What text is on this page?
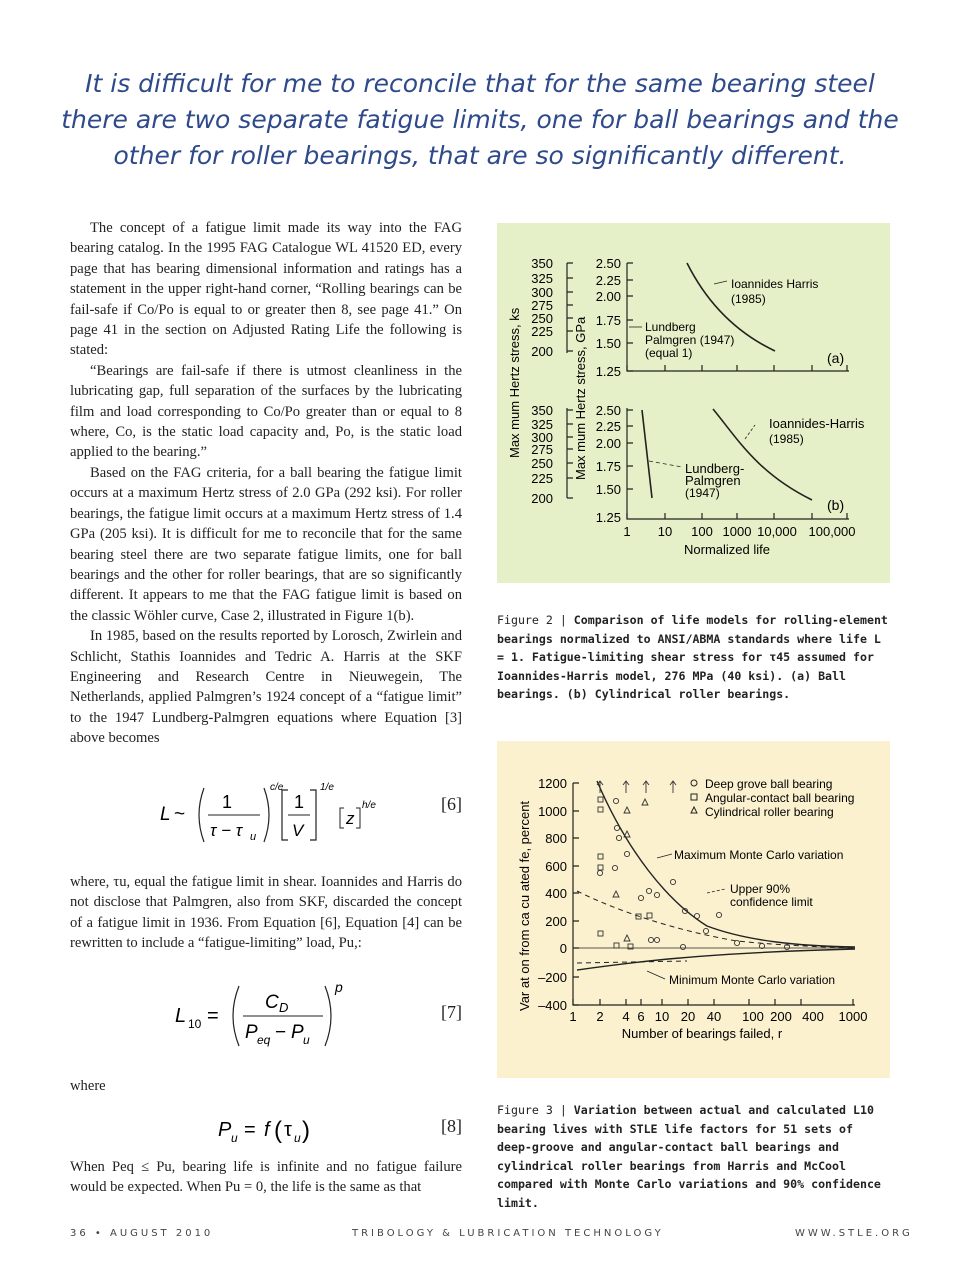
It is difficult for me to reconcile that for the same bearing steel there are two separate fatigue limits, one for ball bearings and the other for roller bearings, that are so significantly different.

The concept of a fatigue limit made its way into the FAG bearing catalog. In the 1995 FAG Catalogue WL 41520 ED, every page that has bearing dimensional information and ratings has a statement in the upper right-hand corner, “Rolling bearings can be fail-safe if Co/Po is equal to or greater then 8, see page 41.” On page 41 in the section on Adjusted Rating Life the following is stated:

“Bearings are fail-safe if there is utmost cleanliness in the lubricating gap, full separation of the surfaces by the lubricating film and load corresponding to Co/Po greater than or equal to 8 where, Co, is the static load capacity and, Po, is the static load applied to the bearing.”

Based on the FAG criteria, for a ball bearing the fatigue limit occurs at a maximum Hertz stress of 2.0 GPa (292 ksi). For roller bearings, the fatigue limit occurs at a maximum Hertz stress of 1.4 GPa (205 ksi). It is difficult for me to reconcile that for the same bearing steel there are two separate fatigue limits, one for ball bearings and the other for roller bearings, that are so significantly different. It appears to me that the FAG fatigue limit is based on the classic Wöhler curve, Case 2, illustrated in Figure 1(b).

In 1985, based on the results reported by Lorosch, Zwirlein and Schlicht, Stathis Ioannides and Tedric A. Harris at the SKF Engineering and Research Centre in Nieuwegein, The Netherlands, applied Palmgren’s 1924 concept of a “fatigue limit” to the 1947 Lundberg-Palmgren equations where Equation [3] above becomes

L ~
1
τ − τ u
c/e
1
V
1/e
z
h/e	[6]

where, τu, equal the fatigue limit in shear. Ioannides and Harris do not disclose that Palmgren, also from SKF, discarded the concept of a fatigue limit in 1936. From Equation [6], Equation [4] can be rewritten to include a “fatigue-limiting” load, Pu,:

L 10 =
C D
P eq − P u
p
[7]

where

P u = f ( τ u )	[8]

When Peq ≤ Pu, bearing life is infinite and no fatigue failure would be expected. When Pu = 0, the life is the same as that

Max mum Hertz stress, ks	Max mum Hertz stress, GPa
350
325
300
275
250
225
200
350
325
300
275
250
225
200
2.50
2.25
2.00
1.75
1.50
1.25
2.50
2.25
2.00
1.75
1.50
1.25
1 10 100 1000 10,000 100,000
Normalized life
Ioannides Harris
(1985)
Lundberg
Palmgren (1947)
(equal 1)	(a)
Ioannides-Harris
(1985)
Lundberg-
Palmgren
(1947)
(b)
Figure 2 | Comparison of life models for rolling-element bearings normalized to ANSI/ABMA standards where life L = 1. Fatigue-limiting shear stress for τ45 assumed for Ioannides-Harris model, 276 MPa (40 ksi). (a) Ball bearings. (b) Cylindrical roller bearings.
Var at on from ca cu ated fe, percent
1200
1000
800
600
400
200
0
–200
–400
1 2 4 6 10 20 40 100 200 400 1000
Number of bearings failed, r
Deep grove ball bearing
Angular-contact ball bearing
Cylindrical roller bearing
Maximum Monte Carlo variation
Upper 90%
confidence limit
Minimum Monte Carlo variation
Figure 3 | Variation between actual and calculated L10 bearing lives with STLE life factors for 51 sets of deep-groove and angular-contact ball bearings and cylindrical roller bearings from Harris and McCool compared with Monte Carlo variations and 90% confidence limit.
36 • AUGUST 2010	TRIBOLOGY & LUBRICATION TECHNOLOGY	WWW.STLE.ORG
